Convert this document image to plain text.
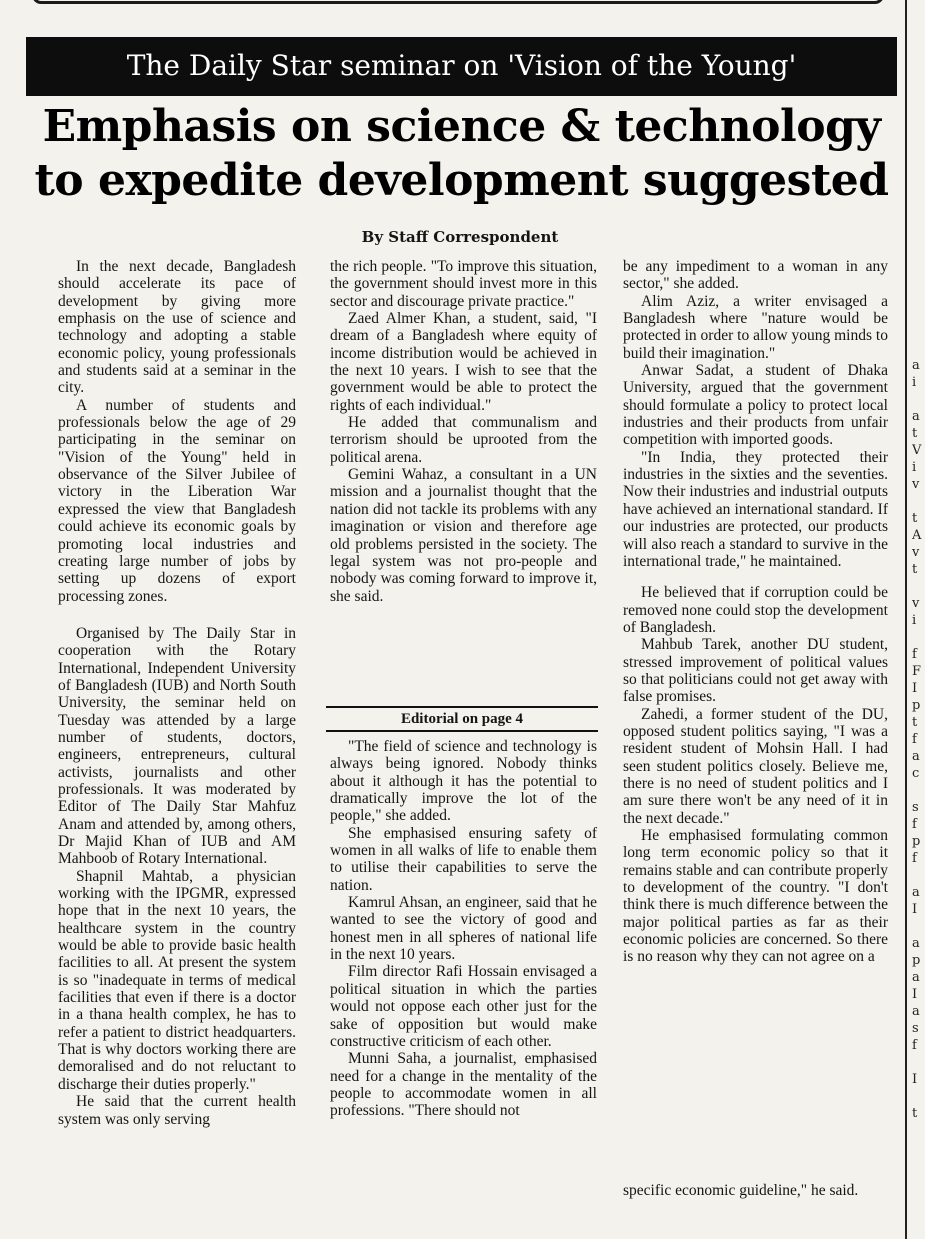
The Daily Star seminar on 'Vision of the Young'
Emphasis on science & technology
to expedite development suggested
By Staff Correspondent

In the next decade, Bangladesh should accelerate its pace of development by giving more emphasis on the use of science and technology and adopting a stable economic policy, young professionals and students said at a seminar in the city.

A number of students and professionals below the age of 29 participating in the seminar on "Vision of the Young" held in observance of the Silver Jubilee of victory in the Liberation War expressed the view that Bangladesh could achieve its economic goals by promoting local industries and creating large number of jobs by setting up dozens of export processing zones.

Organised by The Daily Star in cooperation with the Rotary International, Independent University of Bangladesh (IUB) and North South University, the seminar held on Tuesday was attended by a large number of students, doctors, engineers, entrepreneurs, cultural activists, journalists and other professionals. It was moderated by Editor of The Daily Star Mahfuz Anam and attended by, among others, Dr Majid Khan of IUB and AM Mahboob of Rotary International.

Shapnil Mahtab, a physician working with the IPGMR, expressed hope that in the next 10 years, the healthcare system in the country would be able to provide basic health facilities to all. At present the system is so "inadequate in terms of medical facilities that even if there is a doctor in a thana health complex, he has to refer a patient to district headquarters. That is why doctors working there are demoralised and do not reluctant to discharge their duties properly."

He said that the current health system was only serving

the rich people. "To improve this situation, the government should invest more in this sector and discourage private practice."

Zaed Almer Khan, a student, said, "I dream of a Bangladesh where equity of income distribution would be achieved in the next 10 years. I wish to see that the government would be able to protect the rights of each individual."

He added that communalism and terrorism should be uprooted from the political arena.

Gemini Wahaz, a consultant in a UN mission and a journalist thought that the nation did not tackle its problems with any imagination or vision and therefore age old problems persisted in the society. The legal system was not pro-people and nobody was coming forward to improve it, she said.

Editorial on page 4

"The field of science and technology is always being ignored. Nobody thinks about it although it has the potential to dramatically improve the lot of the people," she added.

She emphasised ensuring safety of women in all walks of life to enable them to utilise their capabilities to serve the nation.

Kamrul Ahsan, an engineer, said that he wanted to see the victory of good and honest men in all spheres of national life in the next 10 years.

Film director Rafi Hossain envisaged a political situation in which the parties would not oppose each other just for the sake of opposition but would make constructive criticism of each other.

Munni Saha, a journalist, emphasised need for a change in the mentality of the people to accommodate women in all professions. "There should not

be any impediment to a woman in any sector," she added.

Alim Aziz, a writer envisaged a Bangladesh where "nature would be protected in order to allow young minds to build their imagination."

Anwar Sadat, a student of Dhaka University, argued that the government should formulate a policy to protect local industries and their products from unfair competition with imported goods.

"In India, they protected their industries in the sixties and the seventies. Now their industries and industrial outputs have achieved an international standard. If our industries are protected, our products will also reach a standard to survive in the international trade," he maintained.

He believed that if corruption could be removed none could stop the development of Bangladesh.

Mahbub Tarek, another DU student, stressed improvement of political values so that politicians could not get away with false promises.

Zahedi, a former student of the DU, opposed student politics saying, "I was a resident student of Mohsin Hall. I had seen student politics closely. Believe me, there is no need of student politics and I am sure there won't be any need of it in the next decade."

He emphasised formulating common long term economic policy so that it remains stable and can contribute properly to development of the country. "I don't think there is much difference between the major political parties as far as their economic policies are concerned. So there is no reason why they can not agree on a

specific economic guideline," he said.
a
i
a
t
V
i
v
t
A
v
t
v
i
f
F
I
p
t
f
a
c
s
f
p
f
a
I
a
p
a
I
a
s
f
I
t
